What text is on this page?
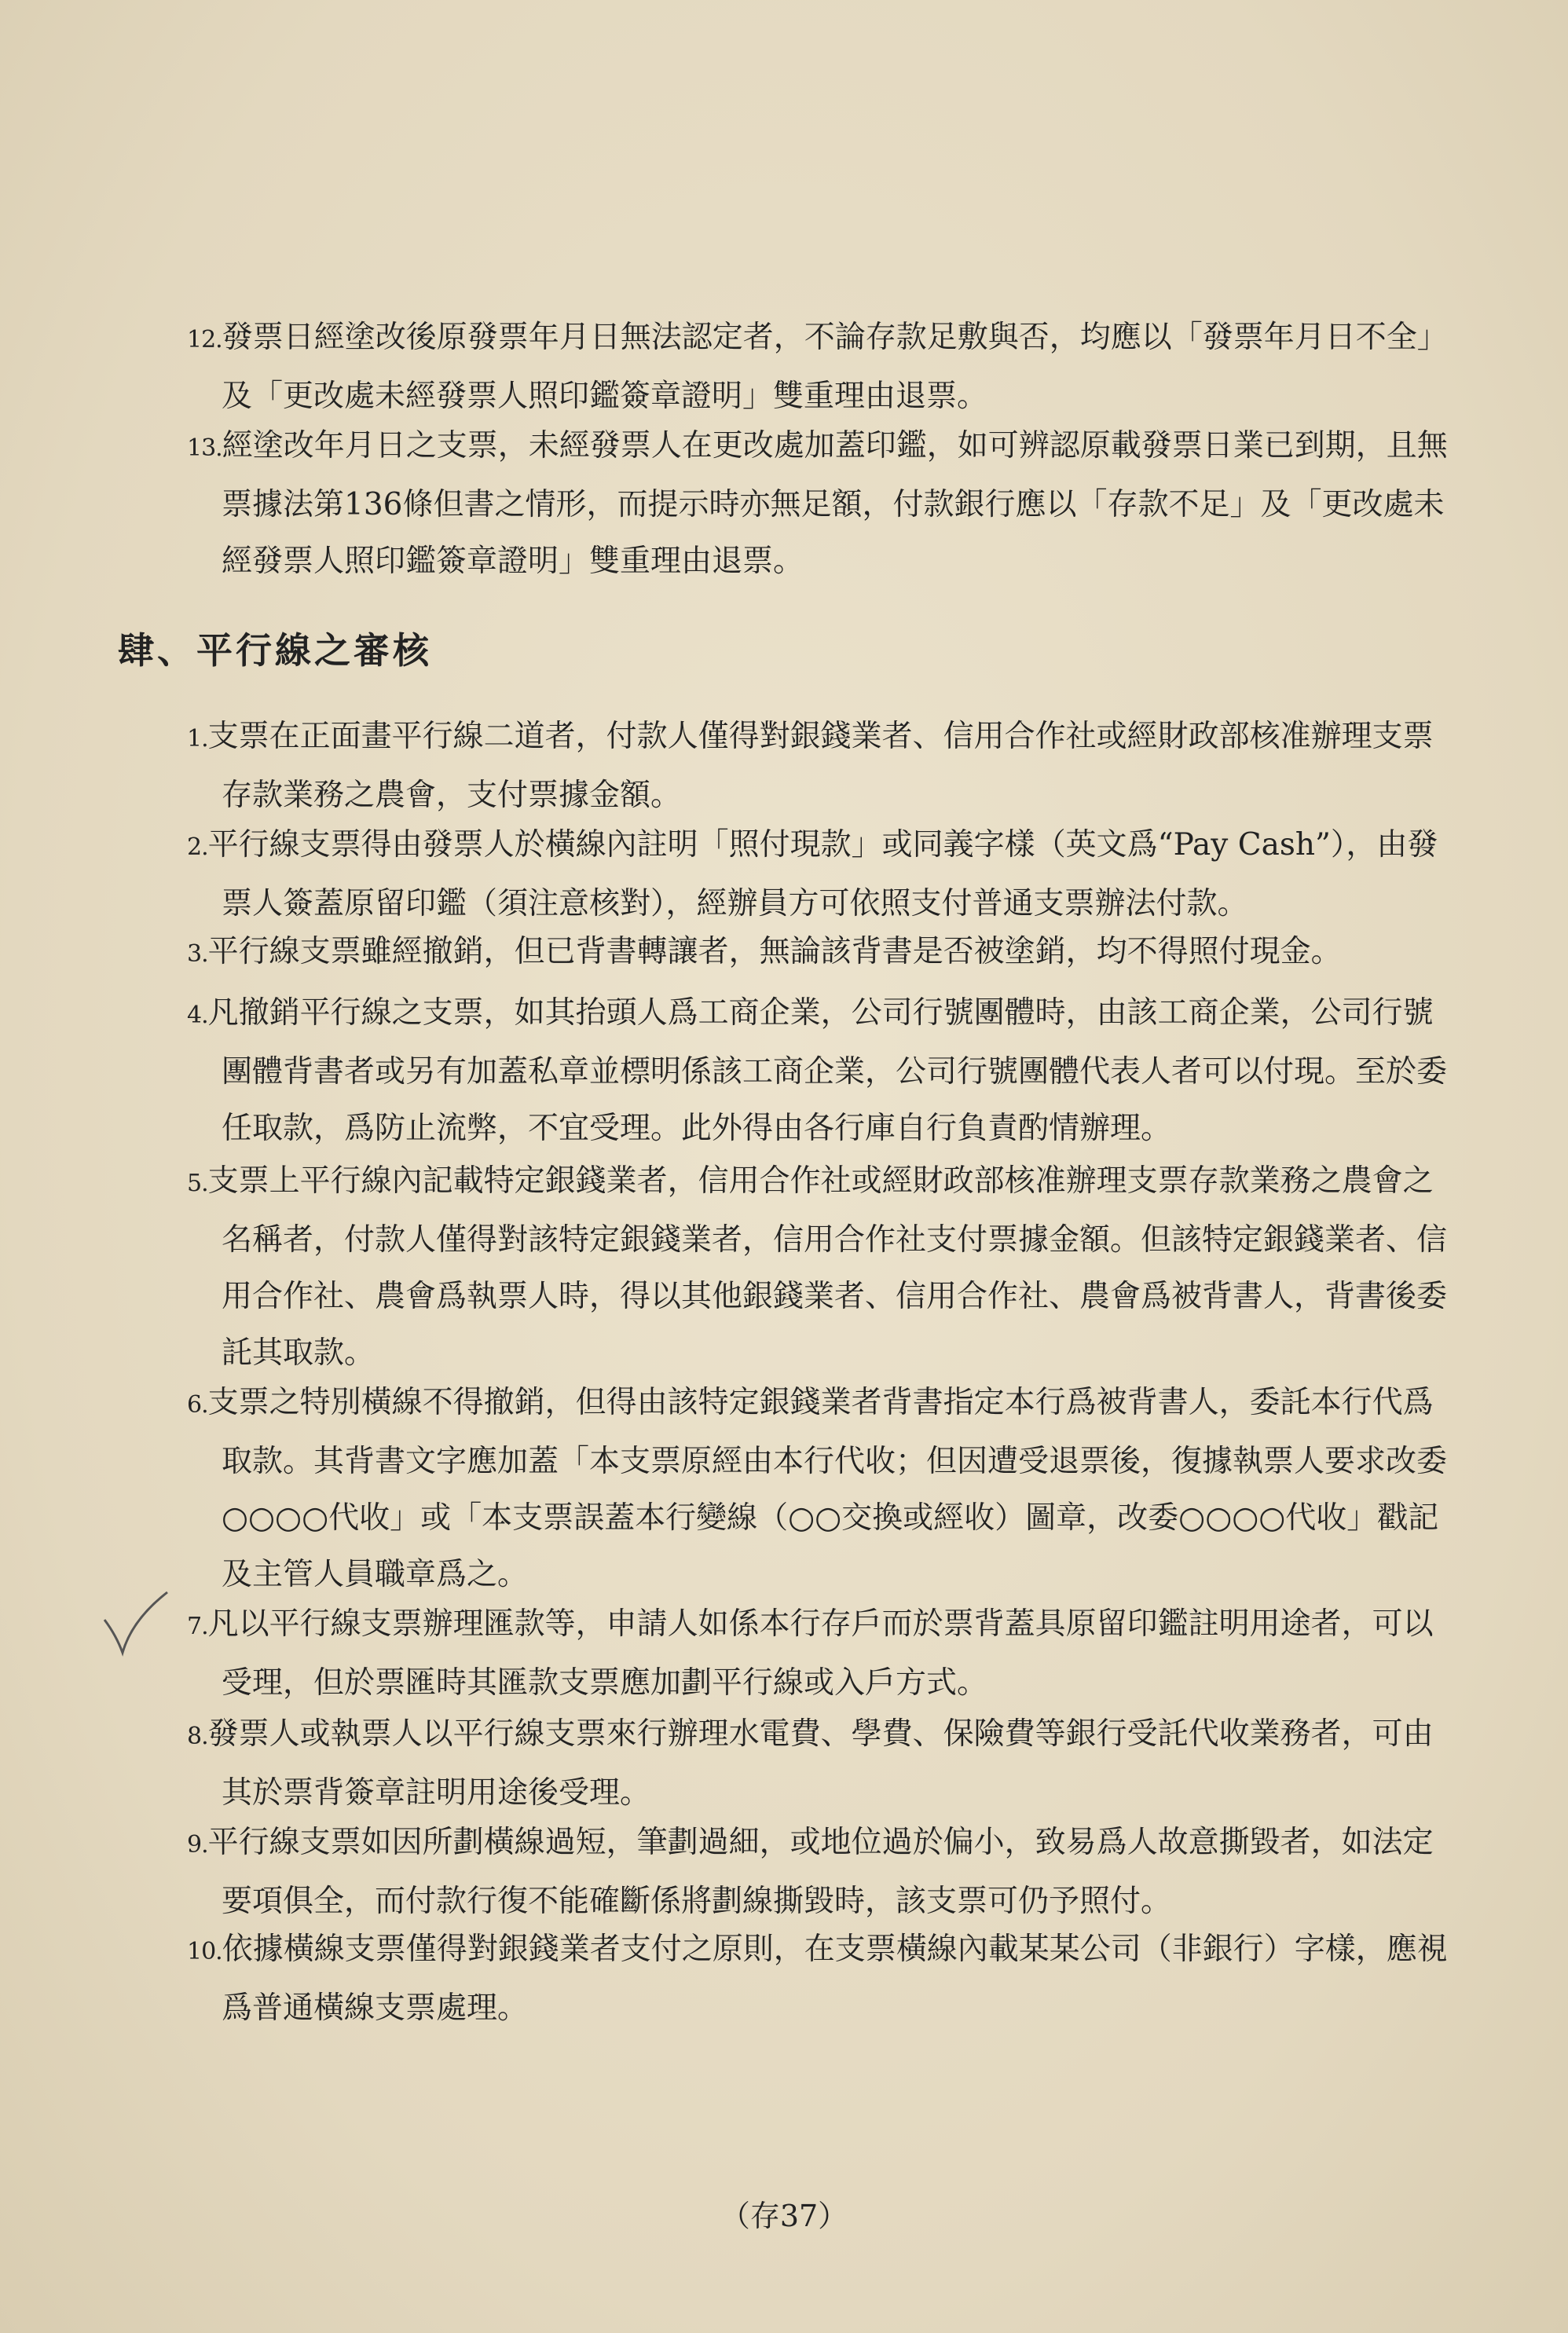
12.發票日經塗改後原發票年月日無法認定者，不論存款足敷與否，均應以「發票年月日不全」及「更改處未經發票人照印鑑簽章證明」雙重理由退票。

13.經塗改年月日之支票，未經發票人在更改處加蓋印鑑，如可辨認原載發票日業已到期，且無票據法第136條但書之情形，而提示時亦無足額，付款銀行應以「存款不足」及「更改處未經發票人照印鑑簽章證明」雙重理由退票。

肆、平行線之審核

1.支票在正面畫平行線二道者，付款人僅得對銀錢業者、信用合作社或經財政部核准辦理支票存款業務之農會，支付票據金額。

2.平行線支票得由發票人於橫線內註明「照付現款」或同義字樣（英文爲“Pay Cash”），由發票人簽蓋原留印鑑（須注意核對），經辦員方可依照支付普通支票辦法付款。

3.平行線支票雖經撤銷，但已背書轉讓者，無論該背書是否被塗銷，均不得照付現金。

4.凡撤銷平行線之支票，如其抬頭人爲工商企業，公司行號團體時，由該工商企業，公司行號團體背書者或另有加蓋私章並標明係該工商企業，公司行號團體代表人者可以付現。至於委任取款，爲防止流弊，不宜受理。此外得由各行庫自行負責酌情辦理。

5.支票上平行線內記載特定銀錢業者，信用合作社或經財政部核准辦理支票存款業務之農會之名稱者，付款人僅得對該特定銀錢業者，信用合作社支付票據金額。但該特定銀錢業者、信用合作社、農會爲執票人時，得以其他銀錢業者、信用合作社、農會爲被背書人，背書後委託其取款。

6.支票之特別橫線不得撤銷，但得由該特定銀錢業者背書指定本行爲被背書人，委託本行代爲取款。其背書文字應加蓋「本支票原經由本行代收；但因遭受退票後，復據執票人要求改委○○○○代收」或「本支票誤蓋本行變線（○○交換或經收）圖章，改委○○○○代收」戳記及主管人員職章爲之。

7.凡以平行線支票辦理匯款等，申請人如係本行存戶而於票背蓋具原留印鑑註明用途者，可以受理，但於票匯時其匯款支票應加劃平行線或入戶方式。

8.發票人或執票人以平行線支票來行辦理水電費、學費、保險費等銀行受託代收業務者，可由其於票背簽章註明用途後受理。

9.平行線支票如因所劃橫線過短，筆劃過細，或地位過於偏小，致易爲人故意撕毀者，如法定要項俱全，而付款行復不能確斷係將劃線撕毀時，該支票可仍予照付。

10.依據橫線支票僅得對銀錢業者支付之原則，在支票橫線內載某某公司（非銀行）字樣，應視爲普通橫線支票處理。

（存37）
